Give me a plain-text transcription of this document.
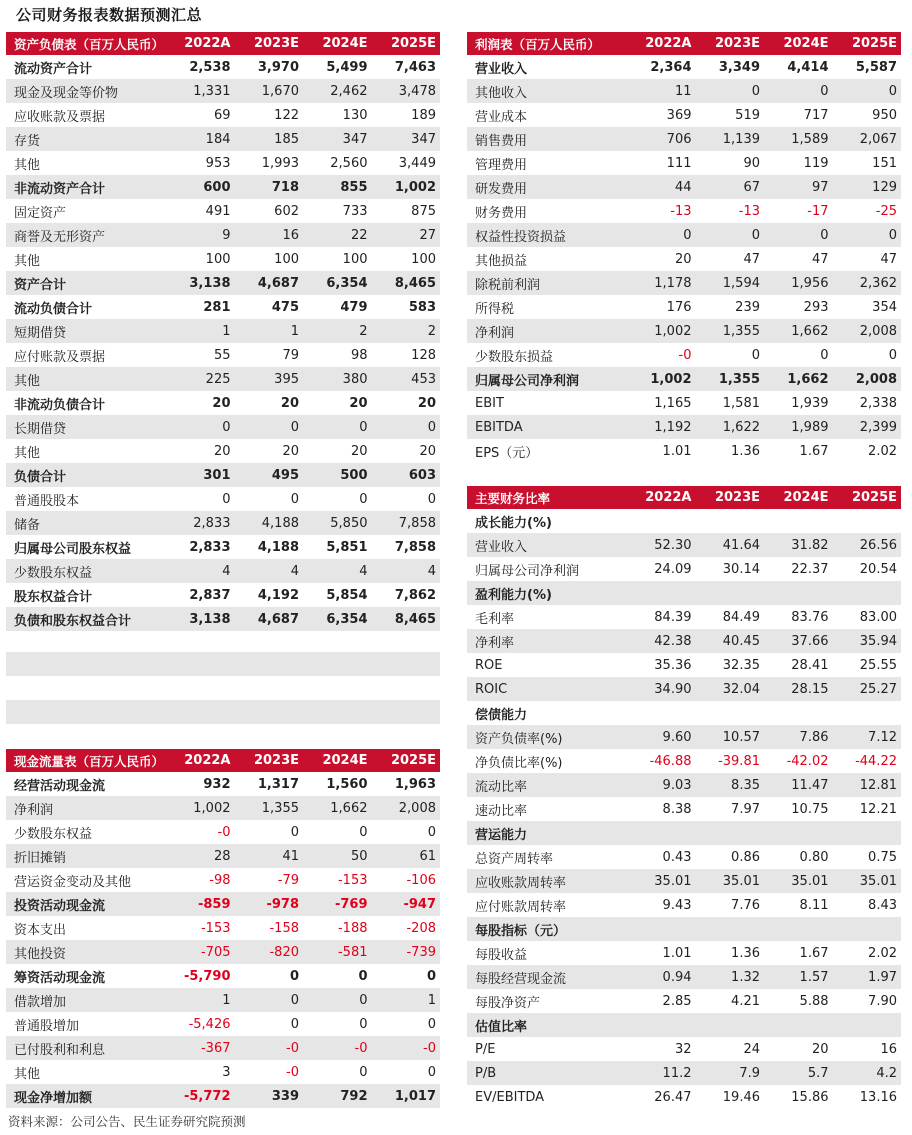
公司财务报表数据预测汇总
资产负债表（百万人民币）	2022A	2023E	2024E	2025E
流动资产合计	2,538	3,970	5,499	7,463
现金及现金等价物	1,331	1,670	2,462	3,478
应收账款及票据	69	122	130	189
存货	184	185	347	347
其他	953	1,993	2,560	3,449
非流动资产合计	600	718	855	1,002
固定资产	491	602	733	875
商誉及无形资产	9	16	22	27
其他	100	100	100	100
资产合计	3,138	4,687	6,354	8,465
流动负债合计	281	475	479	583
短期借贷	1	1	2	2
应付账款及票据	55	79	98	128
其他	225	395	380	453
非流动负债合计	20	20	20	20
长期借贷	0	0	0	0
其他	20	20	20	20
负债合计	301	495	500	603
普通股股本	0	0	0	0
储备	2,833	4,188	5,850	7,858
归属母公司股东权益	2,833	4,188	5,851	7,858
少数股东权益	4	4	4	4
股东权益合计	2,837	4,192	5,854	7,862
负债和股东权益合计	3,138	4,687	6,354	8,465
现金流量表（百万人民币）	2022A	2023E	2024E	2025E
经营活动现金流	932	1,317	1,560	1,963
净利润	1,002	1,355	1,662	2,008
少数股东权益	-0	0	0	0
折旧摊销	28	41	50	61
营运资金变动及其他	-98	-79	-153	-106
投资活动现金流	-859	-978	-769	-947
资本支出	-153	-158	-188	-208
其他投资	-705	-820	-581	-739
筹资活动现金流	-5,790	0	0	0
借款增加	1	0	0	1
普通股增加	-5,426	0	0	0
已付股利和利息	-367	-0	-0	-0
其他	3	-0	0	0
现金净增加额	-5,772	339	792	1,017
利润表（百万人民币）	2022A	2023E	2024E	2025E
营业收入	2,364	3,349	4,414	5,587
其他收入	11	0	0	0
营业成本	369	519	717	950
销售费用	706	1,139	1,589	2,067
管理费用	111	90	119	151
研发费用	44	67	97	129
财务费用	-13	-13	-17	-25
权益性投资损益	0	0	0	0
其他损益	20	47	47	47
除税前利润	1,178	1,594	1,956	2,362
所得税	176	239	293	354
净利润	1,002	1,355	1,662	2,008
少数股东损益	-0	0	0	0
归属母公司净利润	1,002	1,355	1,662	2,008
EBIT	1,165	1,581	1,939	2,338
EBITDA	1,192	1,622	1,989	2,399
EPS（元）	1.01	1.36	1.67	2.02
主要财务比率	2022A	2023E	2024E	2025E
成长能力(%)				
营业收入	52.30	41.64	31.82	26.56
归属母公司净利润	24.09	30.14	22.37	20.54
盈利能力(%)				
毛利率	84.39	84.49	83.76	83.00
净利率	42.38	40.45	37.66	35.94
ROE	35.36	32.35	28.41	25.55
ROIC	34.90	32.04	28.15	25.27
偿债能力				
资产负债率(%)	9.60	10.57	7.86	7.12
净负债比率(%)	-46.88	-39.81	-42.02	-44.22
流动比率	9.03	8.35	11.47	12.81
速动比率	8.38	7.97	10.75	12.21
营运能力				
总资产周转率	0.43	0.86	0.80	0.75
应收账款周转率	35.01	35.01	35.01	35.01
应付账款周转率	9.43	7.76	8.11	8.43
每股指标（元）				
每股收益	1.01	1.36	1.67	2.02
每股经营现金流	0.94	1.32	1.57	1.97
每股净资产	2.85	4.21	5.88	7.90
估值比率				
P/E	32	24	20	16
P/B	11.2	7.9	5.7	4.2
EV/EBITDA	26.47	19.46	15.86	13.16
资料来源：公司公告、民生证券研究院预测
